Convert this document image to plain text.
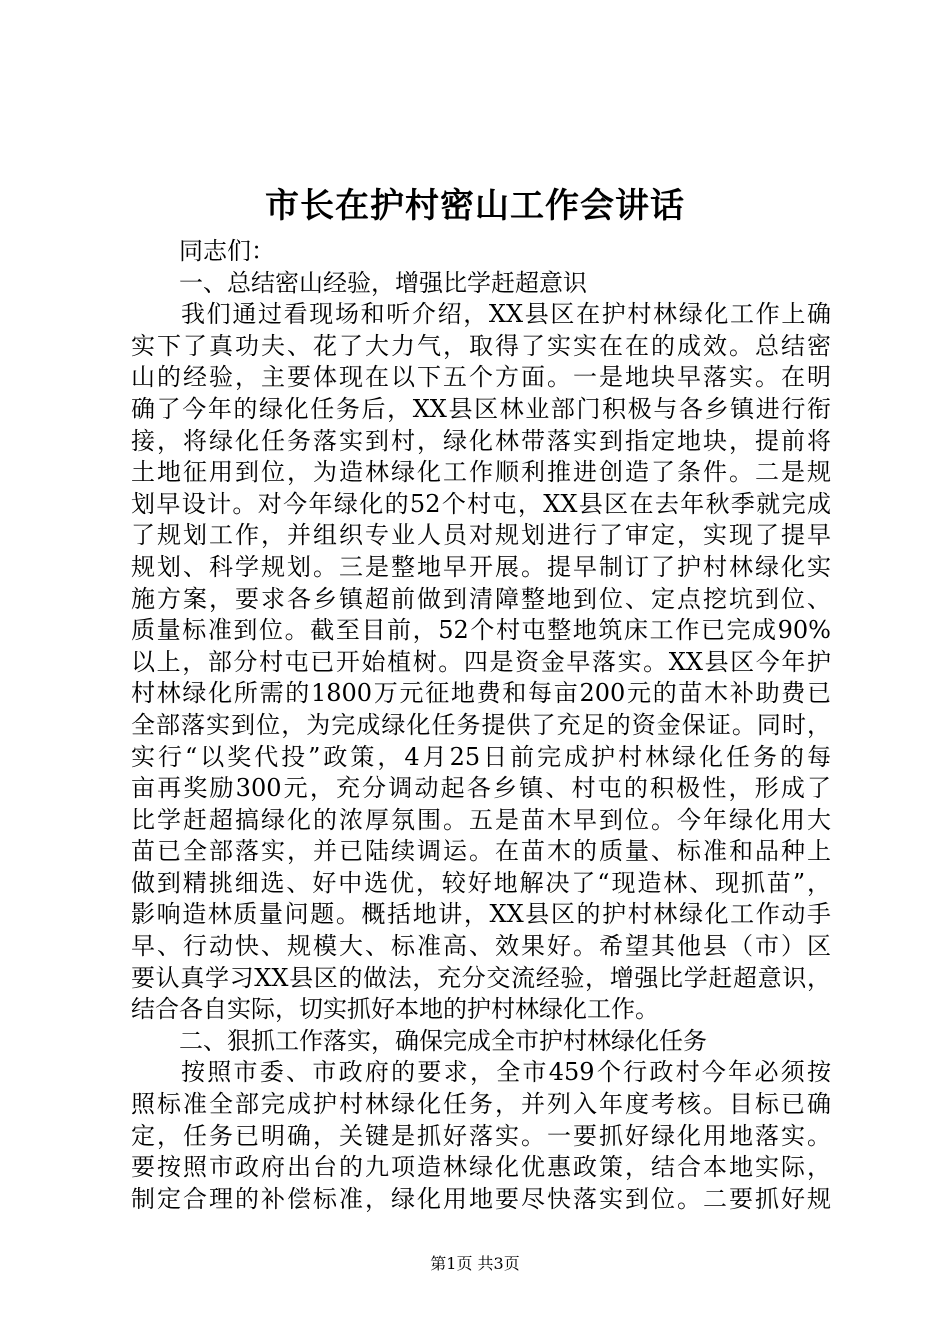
市长在护村密山工作会讲话
同志们：
一、总结密山经验，增强比学赶超意识
我们通过看现场和听介绍，XX县区在护村林绿化工作上确
实下了真功夫、花了大力气，取得了实实在在的成效。总结密
山的经验，主要体现在以下五个方面。一是地块早落实。在明
确了今年的绿化任务后，XX县区林业部门积极与各乡镇进行衔
接，将绿化任务落实到村，绿化林带落实到指定地块，提前将
土地征用到位，为造林绿化工作顺利推进创造了条件。二是规
划早设计。对今年绿化的52个村屯，XX县区在去年秋季就完成
了规划工作，并组织专业人员对规划进行了审定，实现了提早
规划、科学规划。三是整地早开展。提早制订了护村林绿化实
施方案，要求各乡镇超前做到清障整地到位、定点挖坑到位、
质量标准到位。截至目前，52个村屯整地筑床工作已完成90%
以上，部分村屯已开始植树。四是资金早落实。XX县区今年护
村林绿化所需的1800万元征地费和每亩200元的苗木补助费已
全部落实到位，为完成绿化任务提供了充足的资金保证。同时，
实行“以奖代投”政策，4月25日前完成护村林绿化任务的每
亩再奖励300元，充分调动起各乡镇、村屯的积极性，形成了
比学赶超搞绿化的浓厚氛围。五是苗木早到位。今年绿化用大
苗已全部落实，并已陆续调运。在苗木的质量、标准和品种上
做到精挑细选、好中选优，较好地解决了“现造林、现抓苗”，
影响造林质量问题。概括地讲，XX县区的护村林绿化工作动手
早、行动快、规模大、标准高、效果好。希望其他县（市）区
要认真学习XX县区的做法，充分交流经验，增强比学赶超意识，
结合各自实际，切实抓好本地的护村林绿化工作。
二、狠抓工作落实，确保完成全市护村林绿化任务
按照市委、市政府的要求，全市459个行政村今年必须按
照标准全部完成护村林绿化任务，并列入年度考核。目标已确
定，任务已明确，关键是抓好落实。一要抓好绿化用地落实。
要按照市政府出台的九项造林绿化优惠政策，结合本地实际，
制定合理的补偿标准，绿化用地要尽快落实到位。二要抓好规
第1页 共3页
